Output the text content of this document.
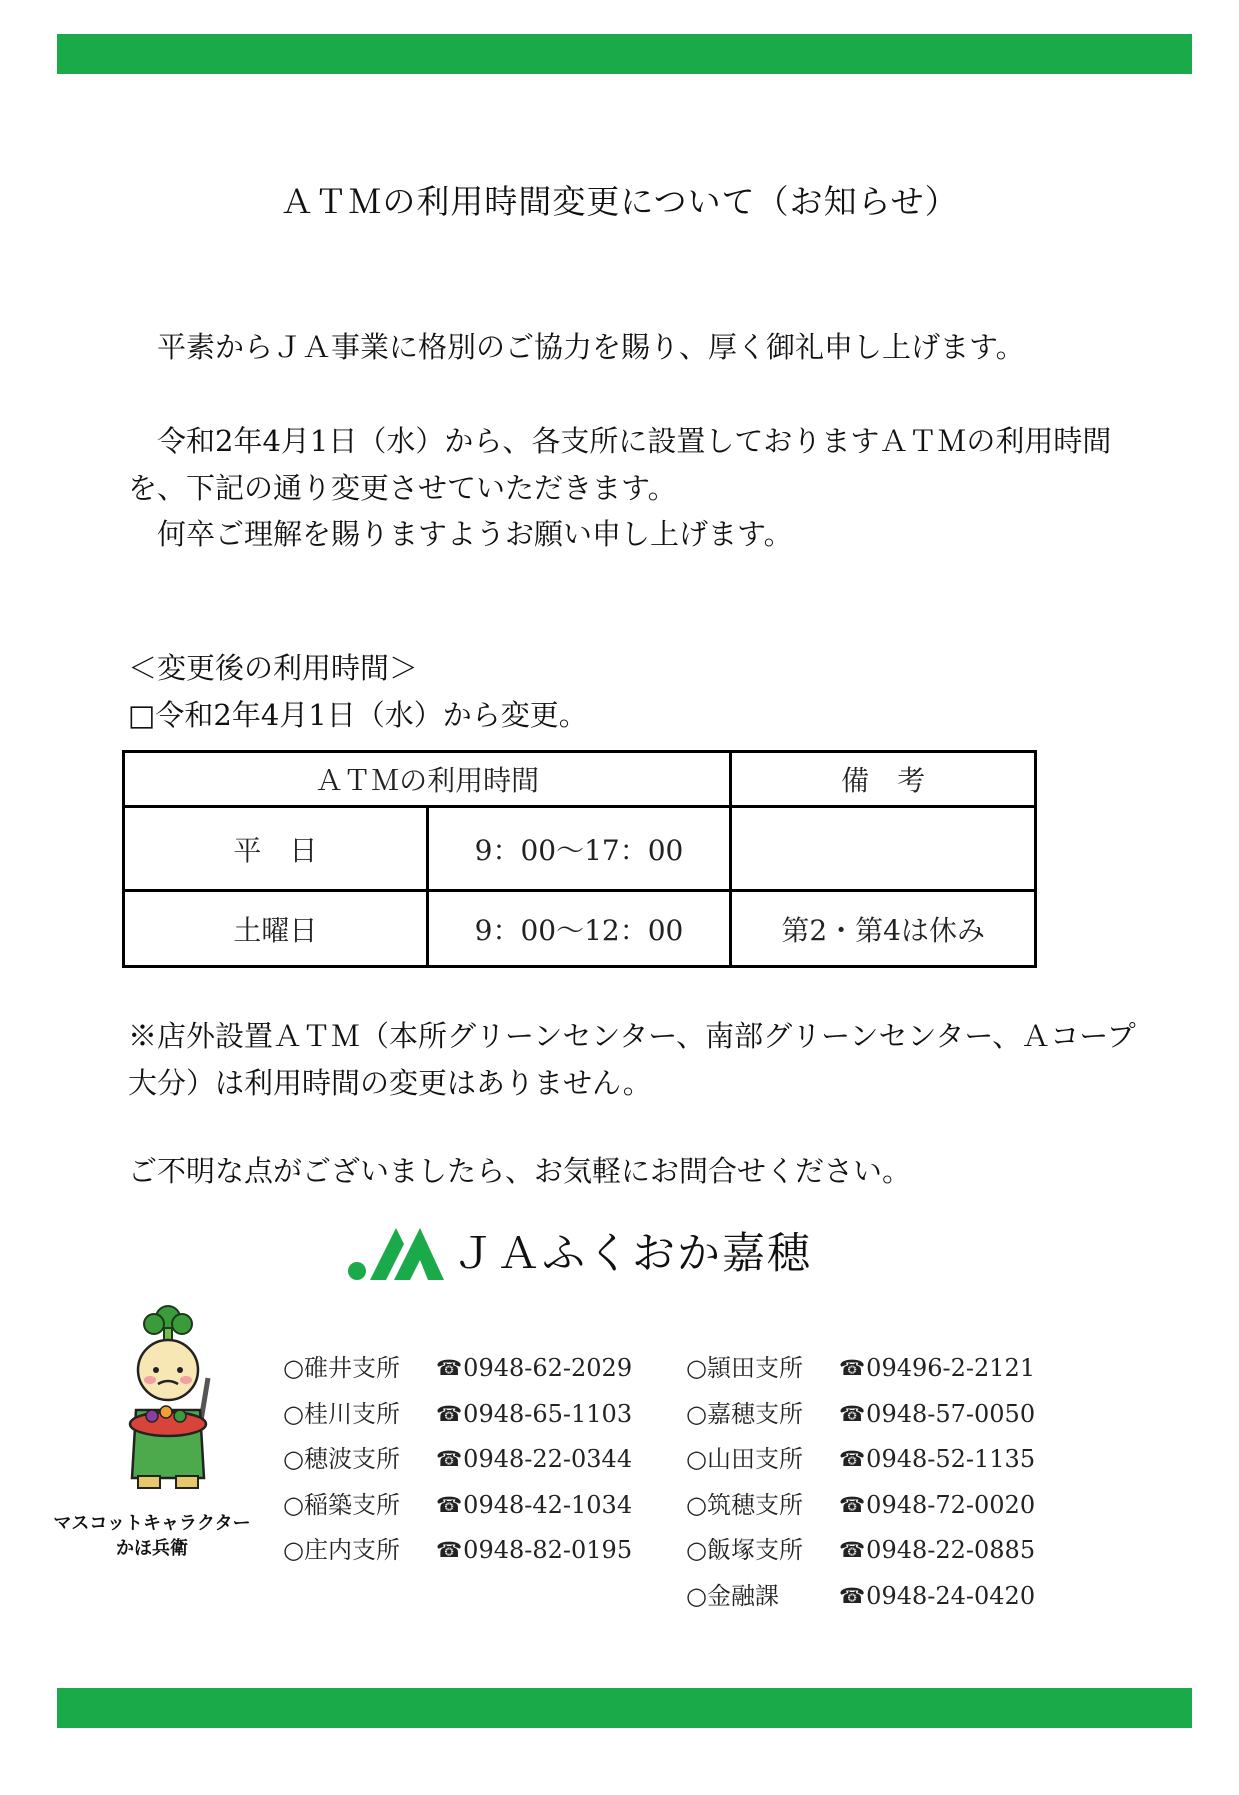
ＡＴＭの利用時間変更について（お知らせ）
平素からＪＡ事業に格別のご協力を賜り、厚く御礼申し上げます。
令和2年4月1日（水）から、各支所に設置しておりますＡＴＭの利用時間を、下記の通り変更させていただきます。
何卒ご理解を賜りますようお願い申し上げます。
＜変更後の利用時間＞
□令和2年4月1日（水）から変更。
ＡＴＭの利用時間		備　考
平　日	9：00～17：00	
土曜日	9：00～12：00	第2・第4は休み
※店外設置ＡＴＭ（本所グリーンセンター、南部グリーンセンター、Ａコープ大分）は利用時間の変更はありません。
ご不明な点がございましたら、お気軽にお問合せください。
ＪＡふくおか嘉穂
マスコットキャラクター
かほ兵衛
○碓井支所	☎ 0948-62-2029
○桂川支所	☎ 0948-65-1103
○穂波支所	☎ 0948-22-0344
○稲築支所	☎ 0948-42-1034
○庄内支所	☎ 0948-82-0195
○頴田支所	☎ 09496-2-2121
○嘉穂支所	☎ 0948-57-0050
○山田支所	☎ 0948-52-1135
○筑穂支所	☎ 0948-72-0020
○飯塚支所	☎ 0948-22-0885
○金融課	☎ 0948-24-0420
